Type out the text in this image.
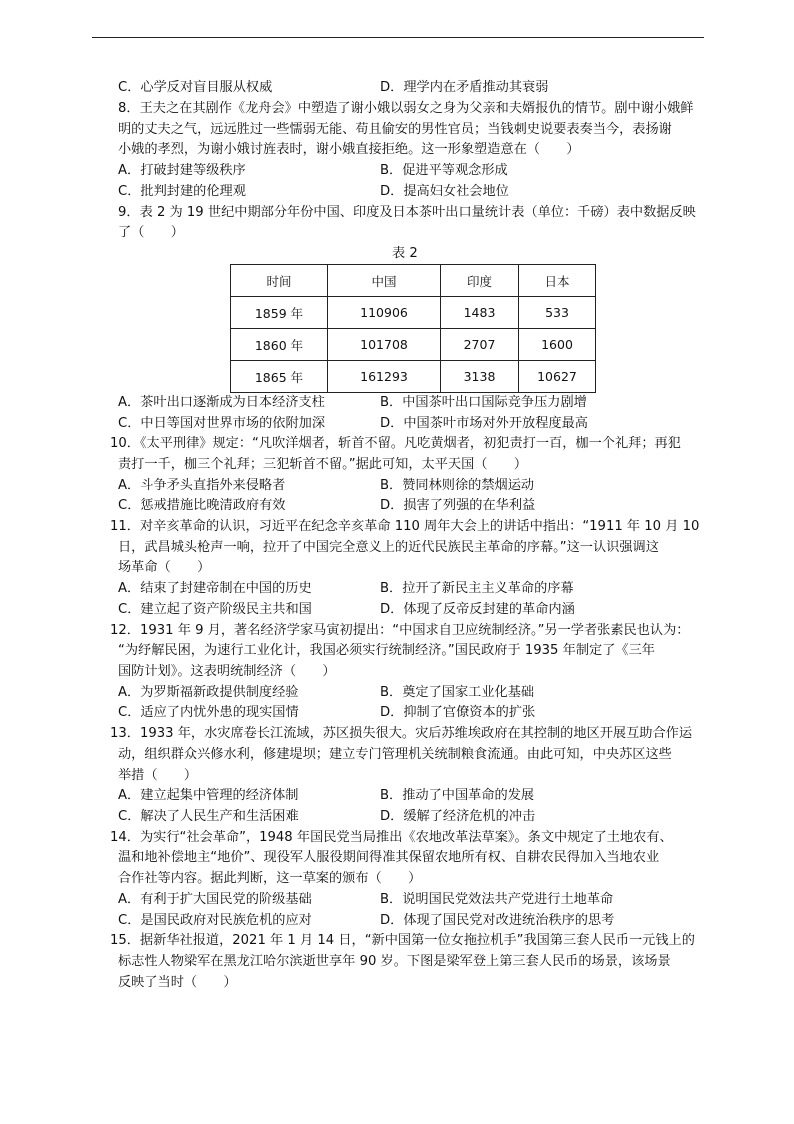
C．心学反对盲目服从权威	D．理学内在矛盾推动其衰弱
8．王夫之在其剧作《龙舟会》中塑造了谢小娥以弱女之身为父亲和夫婿报仇的情节。剧中谢小娥鲜
明的丈夫之气，远远胜过一些懦弱无能、苟且偷安的男性官员；当钱刺史说要表奏当今，表扬谢
小娥的孝烈，为谢小娥讨旌表时，谢小娥直接拒绝。这一形象塑造意在（　　）
A．打破封建等级秩序	B．促进平等观念形成
C．批判封建的伦理观	D．提高妇女社会地位
9．表 2 为 19 世纪中期部分年份中国、印度及日本茶叶出口量统计表（单位：千磅）表中数据反映
了（　　）
表 2
时间	中国	印度	日本
1859 年	110906	1483	533
1860 年	101708	2707	1600
1865 年	161293	3138	10627
A．茶叶出口逐渐成为日本经济支柱	B．中国茶叶出口国际竞争压力剧增
C．中日等国对世界市场的依附加深	D．中国茶叶市场对外开放程度最高
10．《太平刑律》规定：“凡吹洋烟者，斩首不留。凡吃黄烟者，初犯责打一百，枷一个礼拜；再犯
责打一千，枷三个礼拜；三犯斩首不留。”据此可知，太平天国（　　）
A．斗争矛头直指外来侵略者	B．赞同林则徐的禁烟运动
C．惩戒措施比晚清政府有效	D．损害了列强的在华利益
11．对辛亥革命的认识，习近平在纪念辛亥革命 110 周年大会上的讲话中指出：“1911 年 10 月 10
日，武昌城头枪声一响，拉开了中国完全意义上的近代民族民主革命的序幕。”这一认识强调这
场革命（　　）
A．结束了封建帝制在中国的历史	B．拉开了新民主主义革命的序幕
C．建立起了资产阶级民主共和国	D．体现了反帝反封建的革命内涵
12．1931 年 9 月，著名经济学家马寅初提出：“中国求自卫应统制经济。”另一学者张素民也认为：
“为纾解民困，为速行工业化计，我国必须实行统制经济。”国民政府于 1935 年制定了《三年
国防计划》。这表明统制经济（　　）
A．为罗斯福新政提供制度经验	B．奠定了国家工业化基础
C．适应了内忧外患的现实国情	D．抑制了官僚资本的扩张
13．1933 年，水灾席卷长江流域，苏区损失很大。灾后苏维埃政府在其控制的地区开展互助合作运
动，组织群众兴修水利，修建堤坝；建立专门管理机关统制粮食流通。由此可知，中央苏区这些
举措（　　）
A．建立起集中管理的经济体制	B．推动了中国革命的发展
C．解决了人民生产和生活困难	D．缓解了经济危机的冲击
14．为实行“社会革命”，1948 年国民党当局推出《农地改革法草案》。条文中规定了土地农有、
温和地补偿地主“地价”、现役军人服役期间得准其保留农地所有权、自耕农民得加入当地农业
合作社等内容。据此判断，这一草案的颁布（　　）
A．有利于扩大国民党的阶级基础	B．说明国民党效法共产党进行土地革命
C．是国民政府对民族危机的应对	D．体现了国民党对改进统治秩序的思考
15．据新华社报道，2021 年 1 月 14 日，“新中国第一位女拖拉机手”我国第三套人民币一元钱上的
标志性人物梁军在黑龙江哈尔滨逝世享年 90 岁。下图是梁军登上第三套人民币的场景，该场景
反映了当时（　　）
